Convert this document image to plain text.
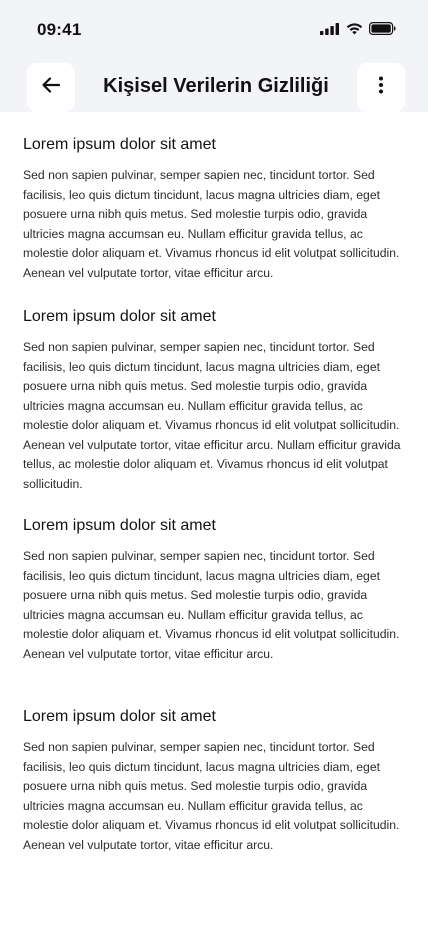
09:41
Kişisel Verilerin Gizliliği
Lorem ipsum dolor sit amet

Sed non sapien pulvinar, semper sapien nec, tincidunt tortor. Sed facilisis, leo quis dictum tincidunt, lacus magna ultricies diam, eget posuere urna nibh quis metus. Sed molestie turpis odio, gravida ultricies magna accumsan eu. Nullam efficitur gravida tellus, ac molestie dolor aliquam et. Vivamus rhoncus id elit volutpat sollicitudin. Aenean vel vulputate tortor, vitae efficitur arcu.

Lorem ipsum dolor sit amet

Sed non sapien pulvinar, semper sapien nec, tincidunt tortor. Sed facilisis, leo quis dictum tincidunt, lacus magna ultricies diam, eget posuere urna nibh quis metus. Sed molestie turpis odio, gravida ultricies magna accumsan eu. Nullam efficitur gravida tellus, ac molestie dolor aliquam et. Vivamus rhoncus id elit volutpat sollicitudin. Aenean vel vulputate tortor, vitae efficitur arcu. Nullam efficitur gravida tellus, ac molestie dolor aliquam et. Vivamus rhoncus id elit volutpat sollicitudin.

Lorem ipsum dolor sit amet

Sed non sapien pulvinar, semper sapien nec, tincidunt tortor. Sed facilisis, leo quis dictum tincidunt, lacus magna ultricies diam, eget posuere urna nibh quis metus. Sed molestie turpis odio, gravida ultricies magna accumsan eu. Nullam efficitur gravida tellus, ac molestie dolor aliquam et. Vivamus rhoncus id elit volutpat sollicitudin. Aenean vel vulputate tortor, vitae efficitur arcu.

Lorem ipsum dolor sit amet

Sed non sapien pulvinar, semper sapien nec, tincidunt tortor. Sed facilisis, leo quis dictum tincidunt, lacus magna ultricies diam, eget posuere urna nibh quis metus. Sed molestie turpis odio, gravida ultricies magna accumsan eu. Nullam efficitur gravida tellus, ac molestie dolor aliquam et. Vivamus rhoncus id elit volutpat sollicitudin. Aenean vel vulputate tortor, vitae efficitur arcu.
